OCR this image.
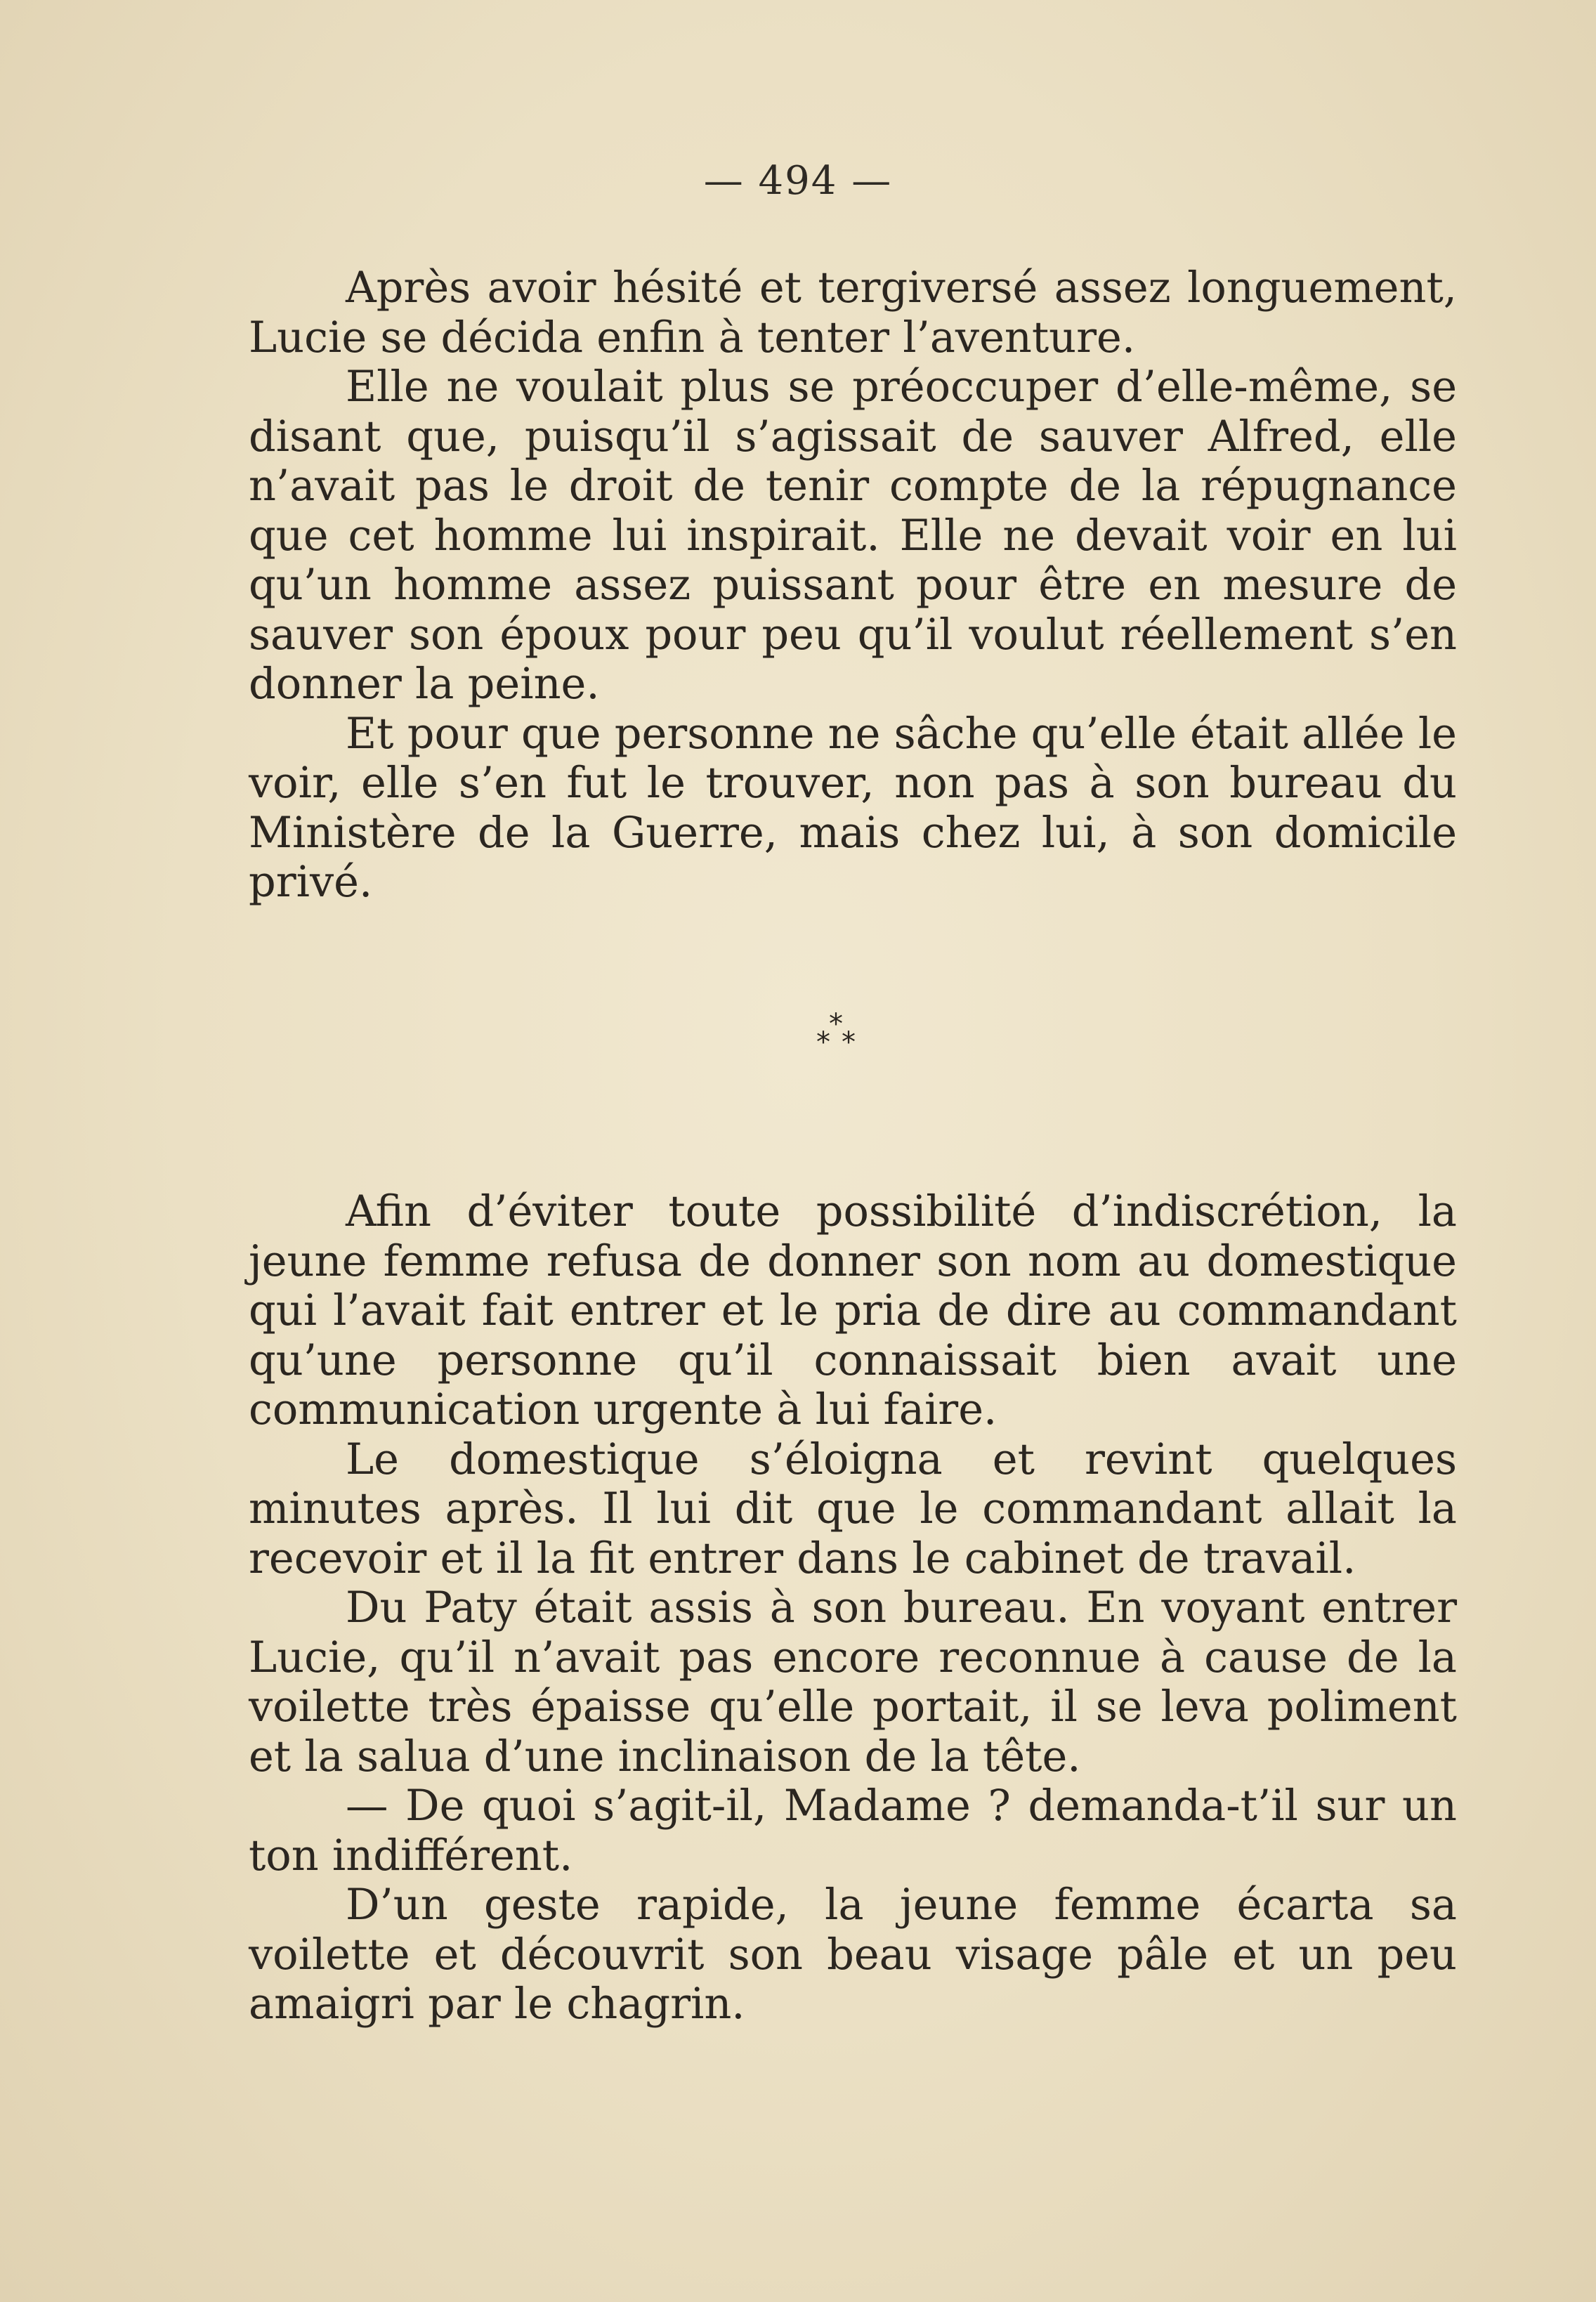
— 494 —

Après avoir hésité et tergiversé assez longuement, Lucie se décida enfin à tenter l’aventure.

Elle ne voulait plus se préoccuper d’elle-même, se disant que, puisqu’il s’agissait de sauver Alfred, elle n’avait pas le droit de tenir compte de la répugnance que cet homme lui inspirait. Elle ne devait voir en lui qu’un homme assez puissant pour être en mesure de sauver son époux pour peu qu’il voulut réellement s’en donner la peine.

Et pour que personne ne sâche qu’elle était allée le voir, elle s’en fut le trouver, non pas à son bureau du Ministère de la Guerre, mais chez lui, à son domicile privé.

*
* *

Afin d’éviter toute possibilité d’indiscrétion, la jeune femme refusa de donner son nom au domestique qui l’avait fait entrer et le pria de dire au commandant qu’une personne qu’il connaissait bien avait une communication urgente à lui faire.

Le domestique s’éloigna et revint quelques minutes après. Il lui dit que le commandant allait la recevoir et il la fit entrer dans le cabinet de travail.

Du Paty était assis à son bureau. En voyant entrer Lucie, qu’il n’avait pas encore reconnue à cause de la voilette très épaisse qu’elle portait, il se leva poliment et la salua d’une inclinaison de la tête.

— De quoi s’agit-il, Madame ? demanda-t’il sur un ton indifférent.

D’un geste rapide, la jeune femme écarta sa voilette et découvrit son beau visage pâle et un peu amaigri par le chagrin.
